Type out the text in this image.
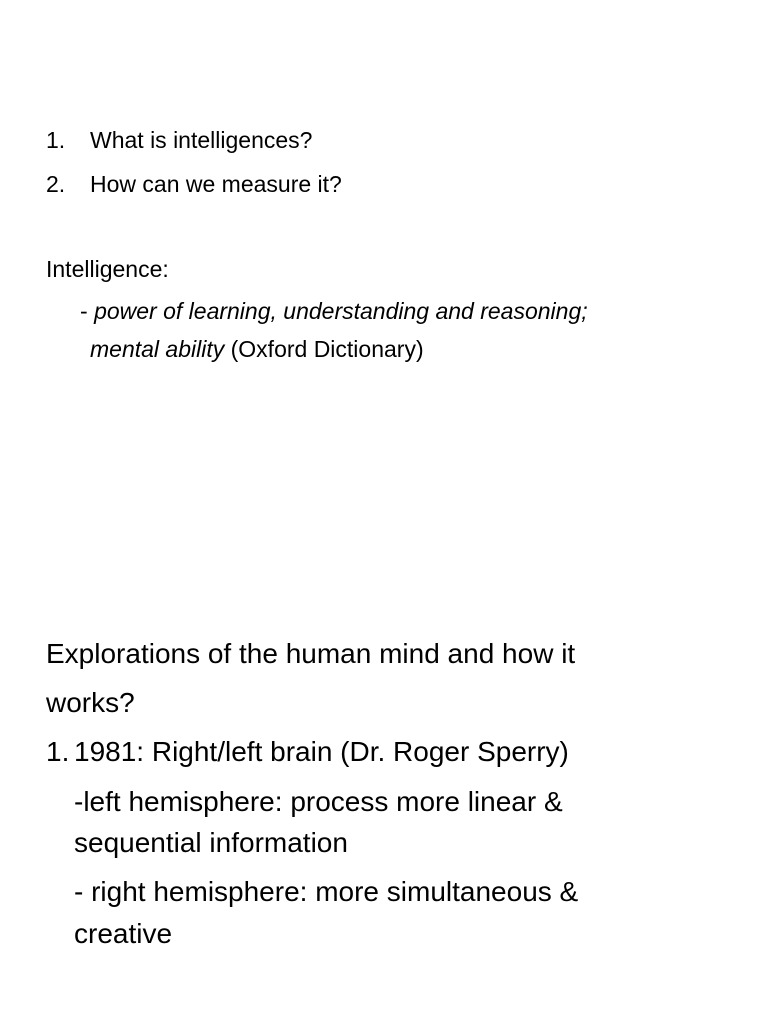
1. What is intelligences?
2. How can we measure it?
Intelligence:
- power of learning, understanding and reasoning;
mental ability (Oxford Dictionary)
Explorations of the human mind and how it
works?
1. 1981: Right/left brain (Dr. Roger Sperry)
-left hemisphere: process more linear &
sequential information
- right hemisphere: more simultaneous &
creative
